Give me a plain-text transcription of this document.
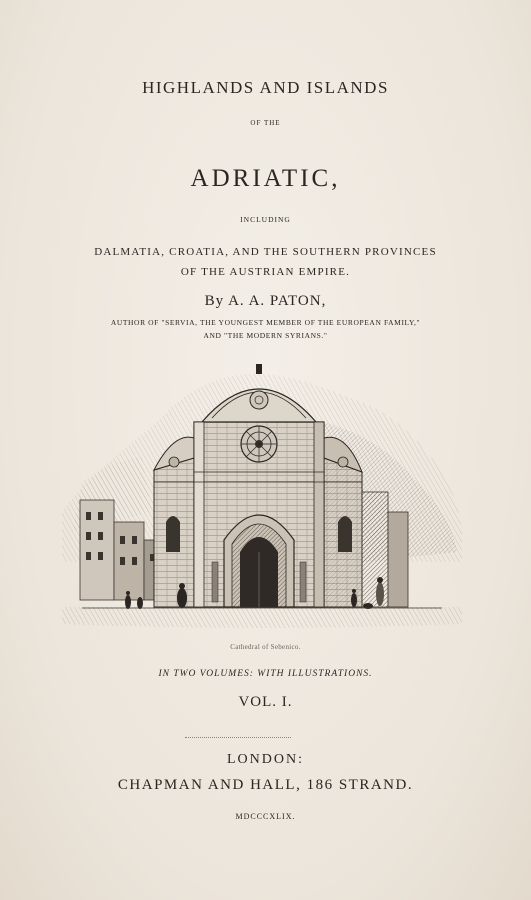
HIGHLANDS AND ISLANDS
OF THE
ADRIATIC,
INCLUDING
DALMATIA, CROATIA, AND THE SOUTHERN PROVINCES
OF THE AUSTRIAN EMPIRE.
By A. A. PATON,
AUTHOR OF "SERVIA, THE YOUNGEST MEMBER OF THE EUROPEAN FAMILY,"
AND "THE MODERN SYRIANS."
Cathedral of Sebenico.
IN TWO VOLUMES: WITH ILLUSTRATIONS.
VOL. I.
LONDON:
CHAPMAN AND HALL, 186 STRAND.
MDCCCXLIX.
